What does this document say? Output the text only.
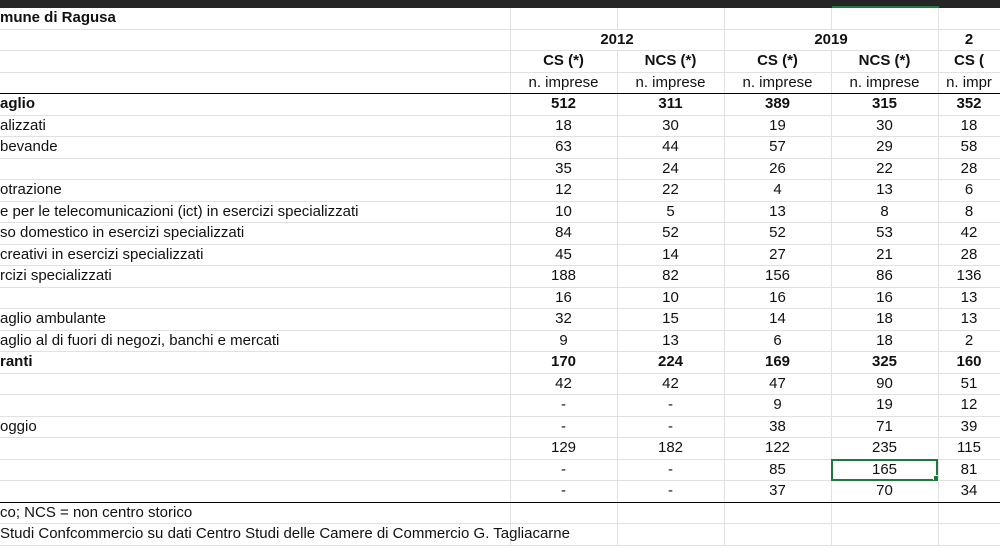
mune di Ragusa					
	2012		2019		2
	CS (*)	NCS (*)	CS (*)	NCS (*)	CS (
	n. imprese	n. imprese	n. imprese	n. imprese	n. impr
aglio	512	311	389	315	352
alizzati	18	30	19	30	18
bevande	63	44	57	29	58
	35	24	26	22	28
otrazione	12	22	4	13	6
e per le telecomunicazioni (ict) in esercizi specializzati	10	5	13	8	8
so domestico in esercizi specializzati	84	52	52	53	42
creativi in esercizi specializzati	45	14	27	21	28
rcizi specializzati	188	82	156	86	136
	16	10	16	16	13
aglio ambulante	32	15	14	18	13
aglio al di fuori di negozi, banchi e mercati	9	13	6	18	2
ranti	170	224	169	325	160
	42	42	47	90	51
	-	-	9	19	12
oggio	-	-	38	71	39
	129	182	122	235	115
	-	-	85	165	81
	-	-	37	70	34
co; NCS = non centro storico					
Studi Confcommercio su dati Centro Studi delle Camere di Commercio G. Tagliacarne					
